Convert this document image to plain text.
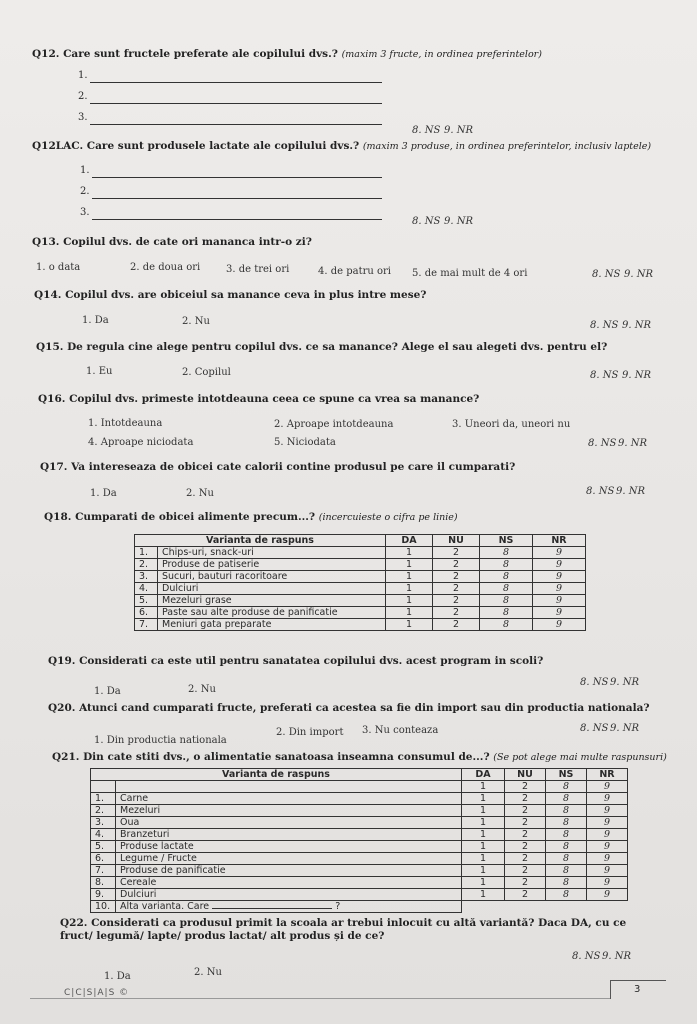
Q12. Care sunt fructele preferate ale copilului dvs.? (maxim 3 fructe, in ordinea preferintelor)
1.
2.
3.
8. NS 9. NR
Q12LAC. Care sunt produsele lactate ale copilului dvs.? (maxim 3 produse, in ordinea preferintelor, inclusiv laptele)
1.
2.
3.
8. NS 9. NR
Q13. Copilul dvs. de cate ori mananca intr-o zi?
1. o data	2. de doua ori	3. de trei ori	4. de patru ori 5. de mai mult de 4 ori	8. NS 9. NR
Q14. Copilul dvs. are obiceiul sa manance ceva in plus intre mese?
1. Da	2. Nu	8. NS 9. NR
Q15. De regula cine alege pentru copilul dvs. ce sa manance? Alege el sau alegeti dvs. pentru el?
1. Eu	2. Copilul	8. NS 9. NR
Q16. Copilul dvs. primeste intotdeauna ceea ce spune ca vrea sa manance?
1. Intotdeauna	2. Aproape intotdeauna	3. Uneori da, uneori nu
4. Aproape niciodata	5. Niciodata	8. NS 9. NR
Q17. Va intereseaza de obicei cate calorii contine produsul pe care il cumparati?
1. Da	2. Nu	8. NS 9. NR
Q18. Cumparati de obicei alimente precum...? (incercuieste o cifra pe linie)
Varianta de raspuns		DA	NU	NS	NR
1.	Chips-uri, snack-uri	1	2	8	9
2.	Produse de patiserie	1	2	8	9
3.	Sucuri, bauturi racoritoare	1	2	8	9
4.	Dulciuri	1	2	8	9
5.	Mezeluri grase	1	2	8	9
6.	Paste sau alte produse de panificatie	1	2	8	9
7.	Meniuri gata preparate	1	2	8	9
Q19. Considerati ca este util pentru sanatatea copilului dvs. acest program in scoli?
1. Da	2. Nu
8. NS 9. NR
Q20. Atunci cand cumparati fructe, preferati ca acestea sa fie din import sau din productia nationala?
1. Din productia nationala
2. Din import 3. Nu conteaza	8. NS 9. NR
Q21. Din cate stiti dvs., o alimentatie sanatoasa inseamna consumul de...? (Se pot alege mai multe raspunsuri)
Varianta de raspuns		DA	NU	NS	NR
		1	2	8	9
1.	Carne	1	2	8	9
2.	Mezeluri	1	2	8	9
3.	Oua	1	2	8	9
4.	Branzeturi	1	2	8	9
5.	Produse lactate	1	2	8	9
6.	Legume / Fructe	1	2	8	9
7.	Produse de panificatie	1	2	8	9
8.	Cereale	1	2	8	9
9.	Dulciuri	1	2	8	9
10.	Alta varianta. Care ?				
Q22. Considerati ca produsul primit la scoala ar trebui inlocuit cu altă variantă? Daca DA, cu ce fruct/ legumă/ lapte/ produs lactat/ alt produs și de ce?
1. Da	2. Nu
8. NS 9. NR
C|C|S|A|S ©	3
